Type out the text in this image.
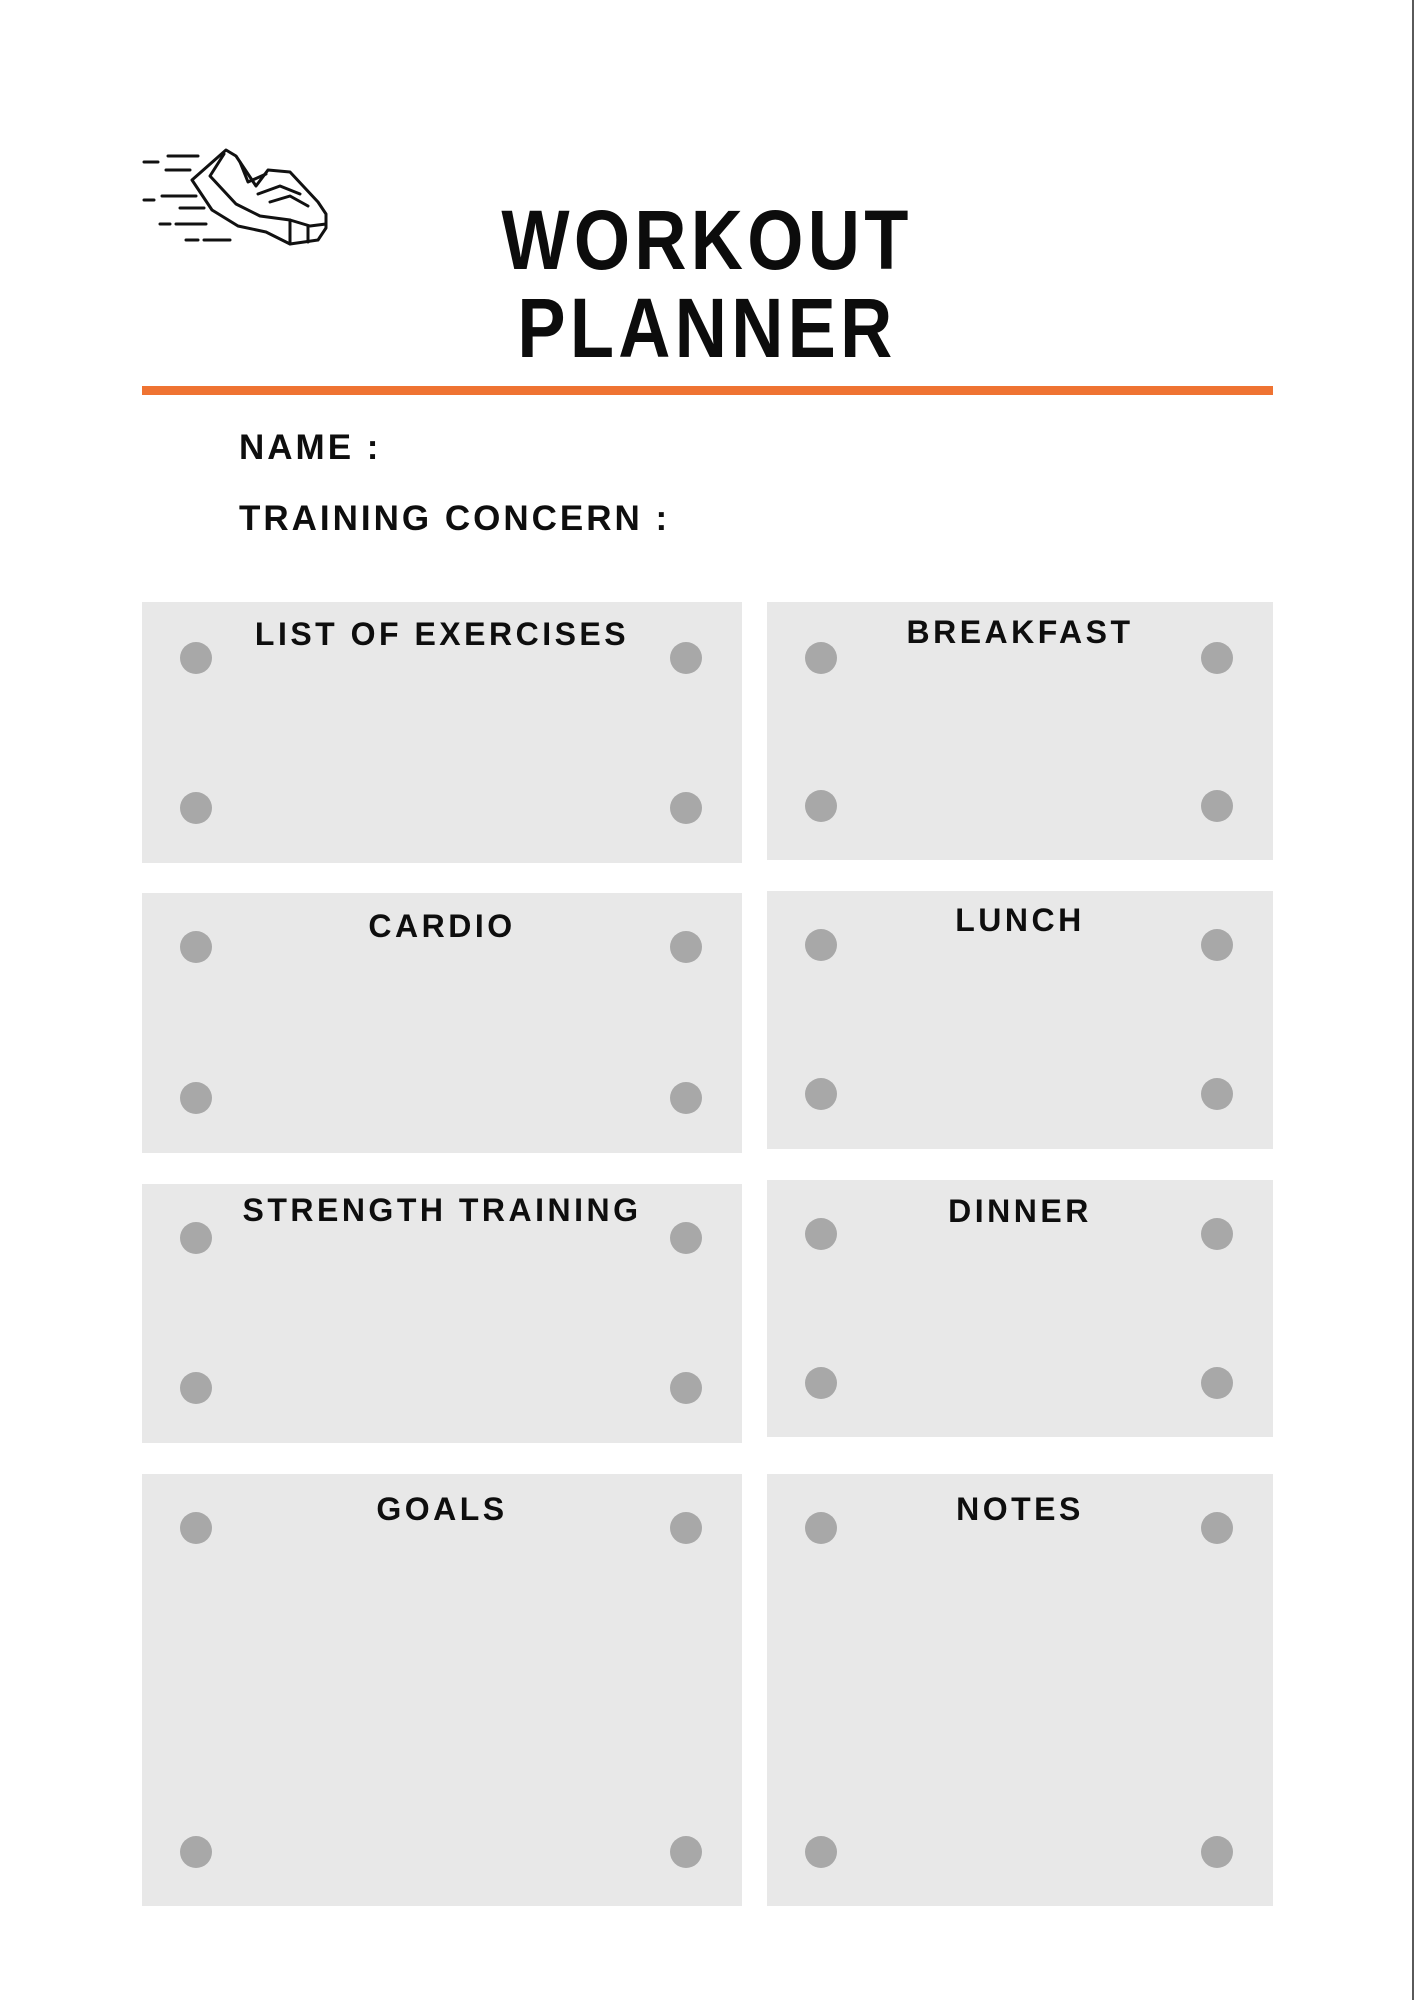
WORKOUT
PLANNER
NAME :
TRAINING CONCERN :
LIST OF EXERCISES	BREAKFAST
CARDIO	LUNCH
STRENGTH TRAINING	DINNER
GOALS	NOTES
